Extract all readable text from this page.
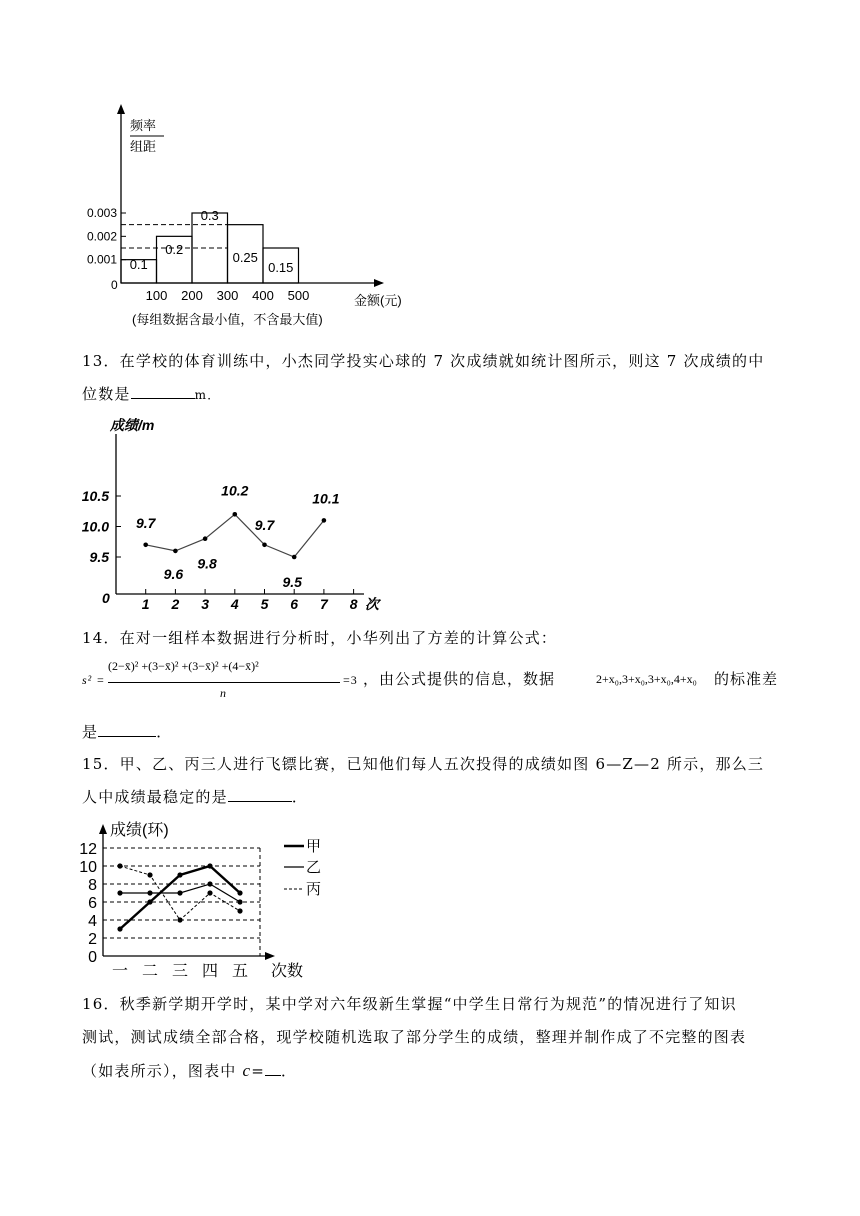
频率
组距
0
金额(元)
(每组数据含最小值，不含最大值)
0.003
0.002
0.001 0.1
0.2
0.3
0.25
0.15
100 200 300 400 500
13．在学校的体育训练中，小杰同学投实心球的 7 次成绩就如统计图所示，则这 7 次成绩的中
位数是	m．
成绩/m
0	次
10.5
10.0
9.5
1 2 3 4 5 6 7 8
9.7
9.6
9.8
10.2
9.7
9.5
10.1
14．在对一组样本数据进行分析时，小华列出了方差的计算公式：
s² =
(2−x̄)² +(3−x̄)² +(3−x̄)² +(4−x̄)²
n
=3 ，由公式提供的信息，数据	2+x₀,3+x₀,3+x₀,4+x₀ 的标准差
是	．
15．甲、乙、丙三人进行飞镖比赛，已知他们每人五次投得的成绩如图 6—Z—2 所示，那么三
人中成绩最稳定的是	．
成绩(环)
次数
12
10
8
6
4
2
0
一 二 三 四 五
甲
乙
丙
16．秋季新学期开学时，某中学对六年级新生掌握“中学生日常行为规范”的情况进行了知识
测试，测试成绩全部合格，现学校随机选取了部分学生的成绩，整理并制作成了不完整的图表
（如表所示），图表中 c= ．
